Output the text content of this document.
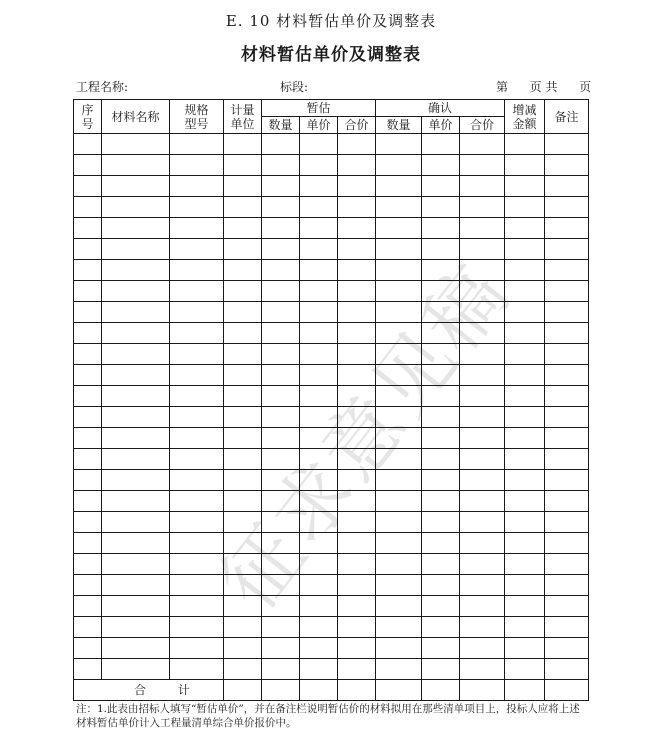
征求意见稿
E. 10 材料暂估单价及调整表
材料暂估单价及调整表
工程名称:	标段:	第 页 共 页
序号	材料名称	规格型号	计量单位	暂估			确认			增减金额	备注
				数量	单价	合价	数量	单价	合价		

合 计											
注：1.此表由招标人填写“暂估单价”，并在备注栏说明暂估价的材料拟用在那些清单项目上，投标人应将上述材料暂估单价计入工程量清单综合单价报价中。
